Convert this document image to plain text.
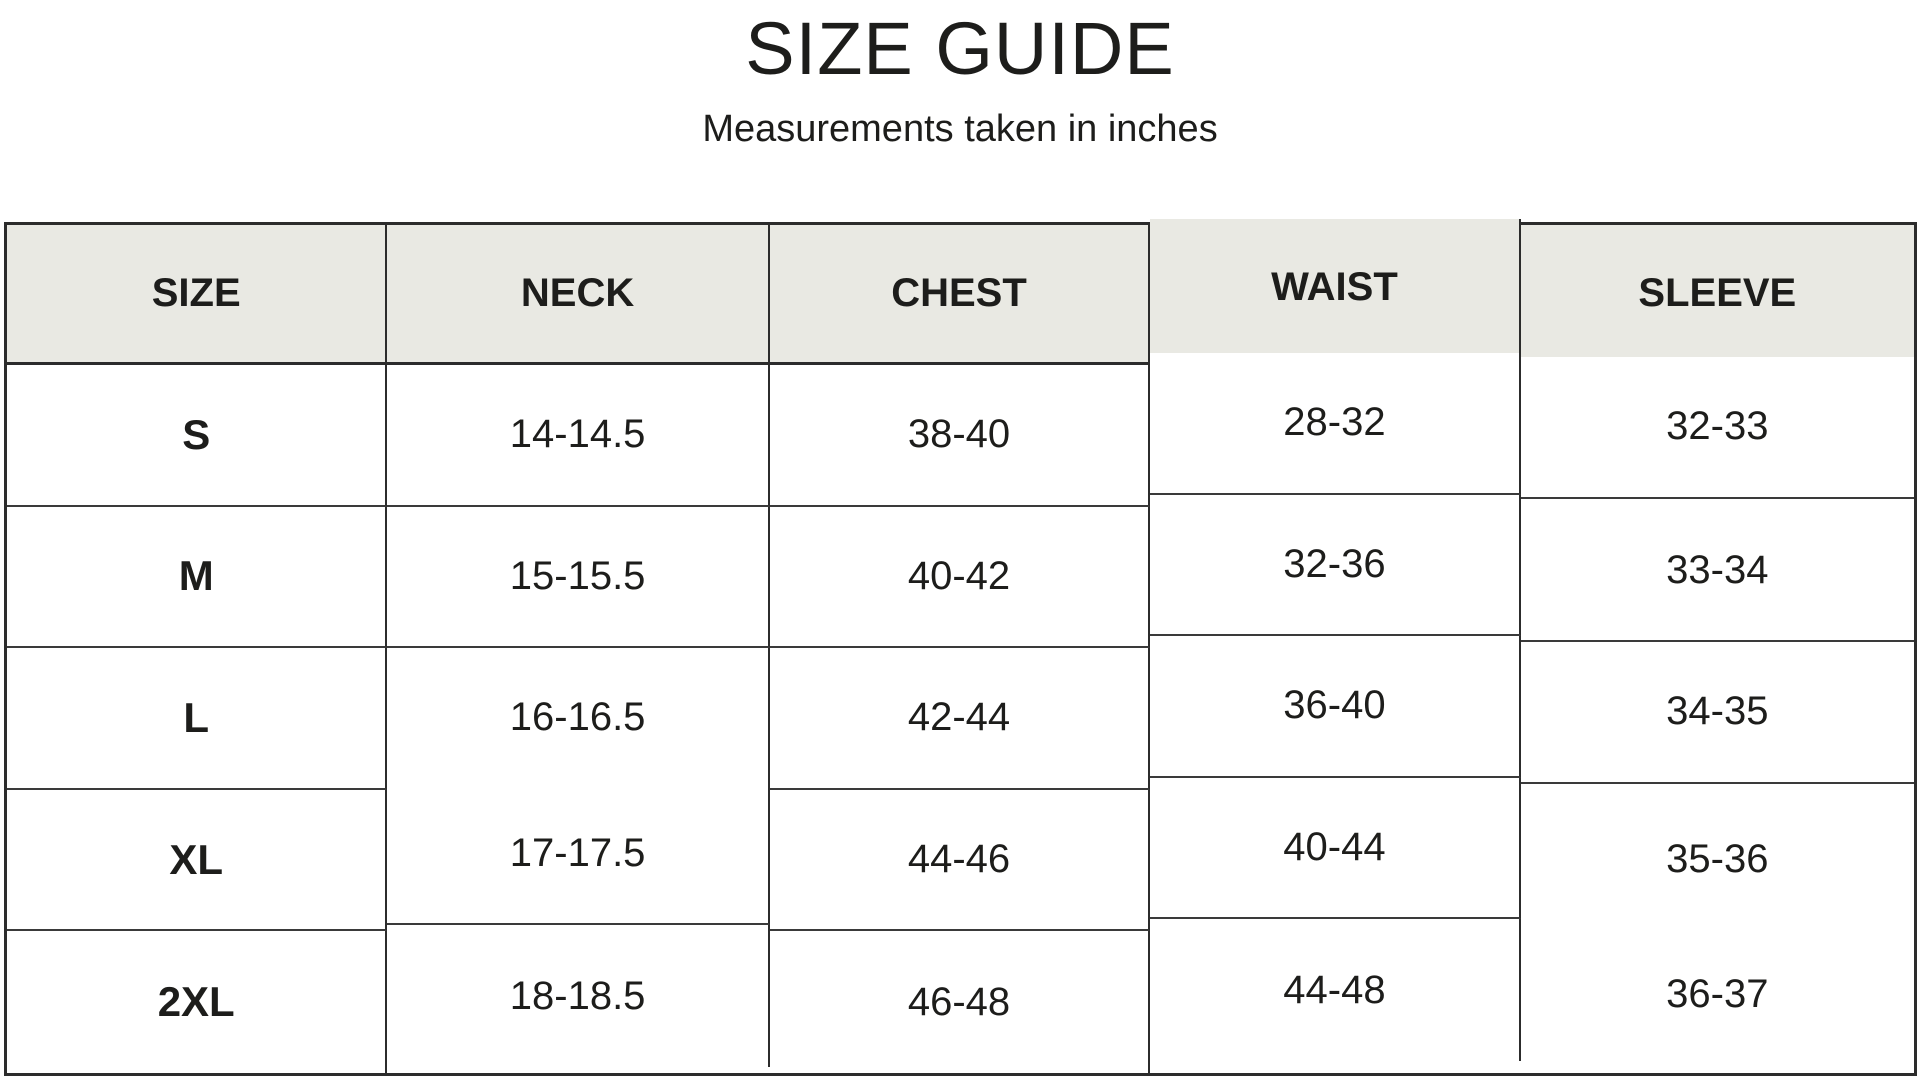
SIZE GUIDE
Measurements taken in inches
SIZE	NECK	CHEST	WAIST	SLEEVE
S	14-14.5	38-40	28-32	32-33
M	15-15.5	40-42	32-36	33-34
L	16-16.5	42-44	36-40	34-35
XL	17-17.5	44-46	40-44	35-36
2XL	18-18.5	46-48	44-48	36-37
